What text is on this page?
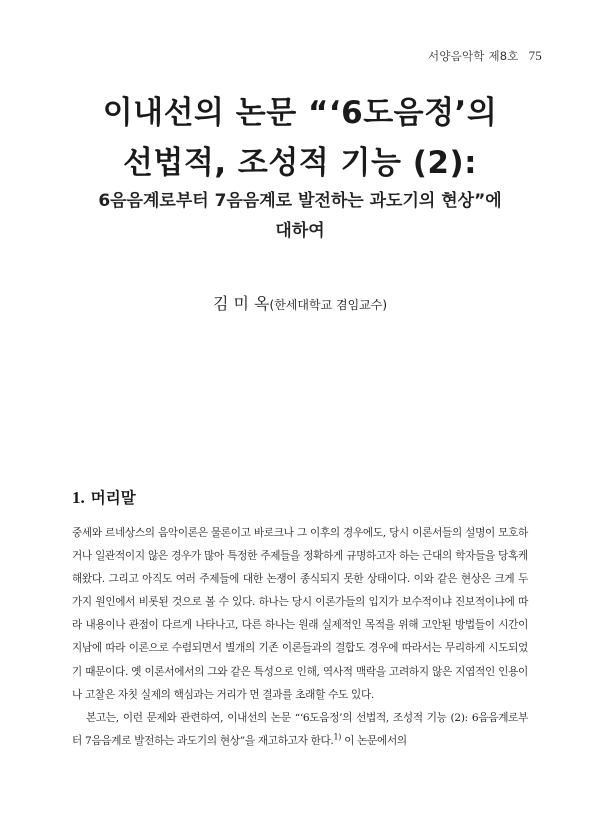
서양음악학 제8호 75
이내선의 논문 “‘6도음정’의
선법적, 조성적 기능 (2):
6음음계로부터 7음음계로 발전하는 과도기의 현상”에
대하여
김 미 옥(한세대학교 겸임교수)
1. 머리말

중세와 르네상스의 음악이론은 물론이고 바로크나 그 이후의 경우에도, 당시 이론서들의 설명이 모호하거나 일관적이지 않은 경우가 많아 특정한 주제들을 정확하게 규명하고자 하는 근대의 학자들을 당혹케 해왔다. 그리고 아직도 여러 주제들에 대한 논쟁이 종식되지 못한 상태이다. 이와 같은 현상은 크게 두 가지 원인에서 비롯된 것으로 볼 수 있다. 하나는 당시 이론가들의 입지가 보수적이냐 진보적이냐에 따라 내용이나 관점이 다르게 나타나고, 다른 하나는 원래 실제적인 목적을 위해 고안된 방법들이 시간이 지남에 따라 이론으로 수렴되면서 별개의 기존 이론들과의 결합도 경우에 따라서는 무리하게 시도되었기 때문이다. 옛 이론서에서의 그와 같은 특성으로 인해, 역사적 맥락을 고려하지 않은 지엽적인 인용이나 고찰은 자칫 실제의 핵심과는 거리가 먼 결과를 초래할 수도 있다.

본고는, 이런 문제와 관련하여, 이내선의 논문 “‘6도음정’의 선법적, 조성적 기능 (2): 6음음계로부터 7음음계로 발전하는 과도기의 현상”을 재고하고자 한다.$^{1)}$ 이 논문에서의
